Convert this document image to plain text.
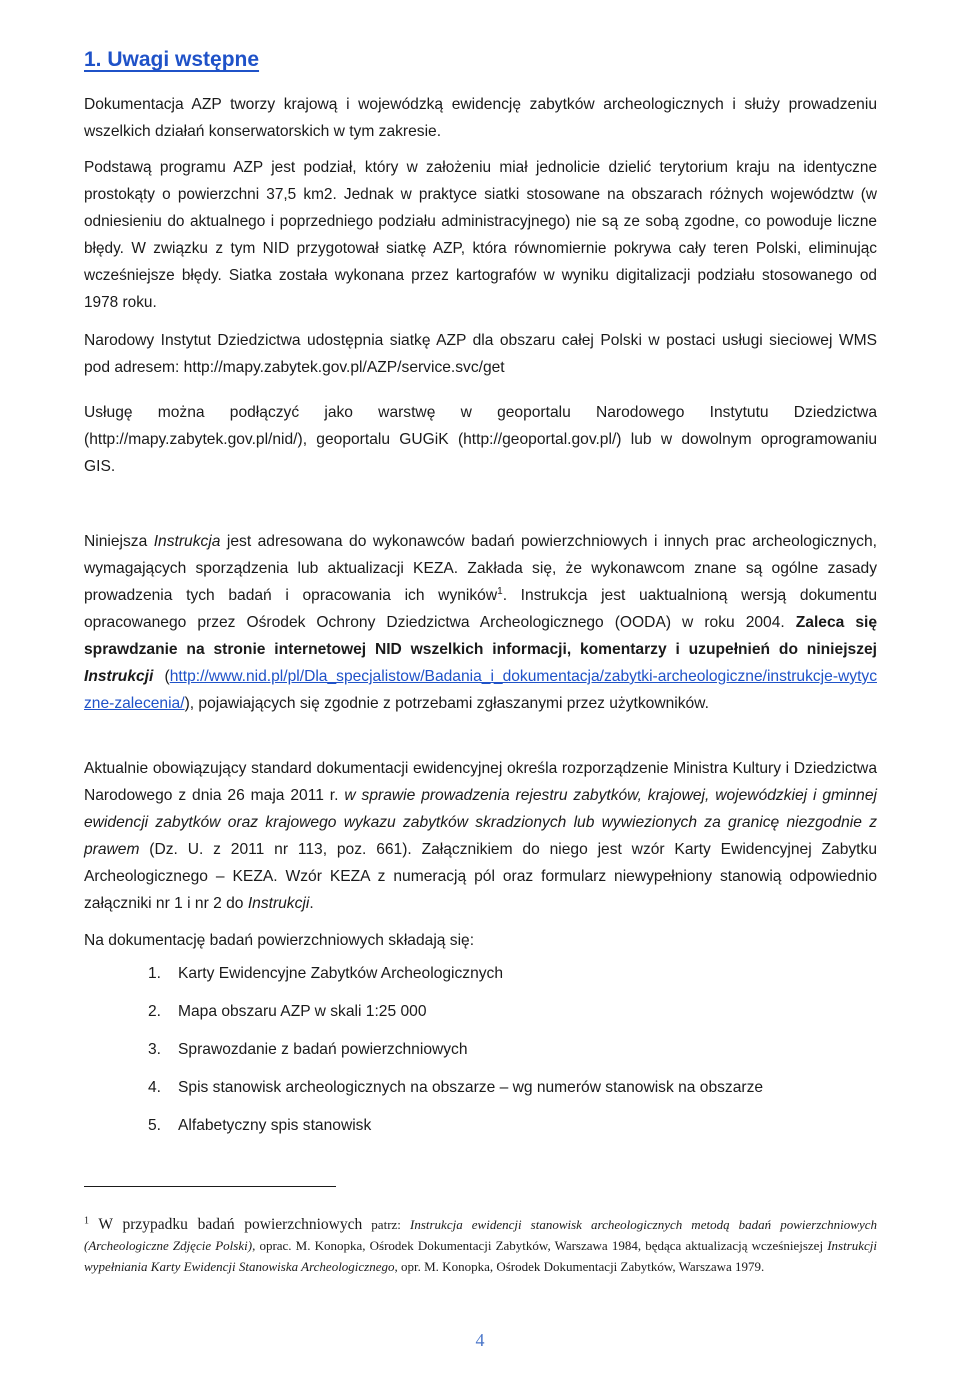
1. Uwagi wstępne

Dokumentacja AZP tworzy krajową i wojewódzką ewidencję zabytków archeologicznych i służy prowadzeniu wszelkich działań konserwatorskich w tym zakresie.

Podstawą programu AZP jest podział, który w założeniu miał jednolicie dzielić terytorium kraju na identyczne prostokąty o powierzchni 37,5 km2. Jednak w praktyce siatki stosowane na obszarach różnych województw (w odniesieniu do aktualnego i poprzedniego podziału administracyjnego) nie są ze sobą zgodne, co powoduje liczne błędy. W związku z tym NID przygotował siatkę AZP, która równomiernie pokrywa cały teren Polski, eliminując wcześniejsze błędy. Siatka została wykonana przez kartografów w wyniku digitalizacji podziału stosowanego od 1978 roku.

Narodowy Instytut Dziedzictwa udostępnia siatkę AZP dla obszaru całej Polski w postaci usługi sieciowej WMS pod adresem: http://mapy.zabytek.gov.pl/AZP/service.svc/get

Usługę można podłączyć jako warstwę w geoportalu Narodowego Instytutu Dziedzictwa (http://mapy.zabytek.gov.pl/nid/), geoportalu GUGiK (http://geoportal.gov.pl/) lub w dowolnym oprogramowaniu GIS.

Niniejsza Instrukcja jest adresowana do wykonawców badań powierzchniowych i innych prac archeologicznych, wymagających sporządzenia lub aktualizacji KEZA. Zakłada się, że wykonawcom znane są ogólne zasady prowadzenia tych badań i opracowania ich wyników$^1$. Instrukcja jest uaktualnioną wersją dokumentu opracowanego przez Ośrodek Ochrony Dziedzictwa Archeologicznego (OODA) w roku 2004. Zaleca się sprawdzanie na stronie internetowej NID wszelkich informacji, komentarzy i uzupełnień do niniejszej Instrukcji (http://www.nid.pl/pl/Dla_specjalistow/Badania_i_dokumentacja/zabytki-archeologiczne/instrukcje-wytyczne-zalecenia/), pojawiających się zgodnie z potrzebami zgłaszanymi przez użytkowników.

Aktualnie obowiązujący standard dokumentacji ewidencyjnej określa rozporządzenie Ministra Kultury i Dziedzictwa Narodowego z dnia 26 maja 2011 r. w sprawie prowadzenia rejestru zabytków, krajowej, wojewódzkiej i gminnej ewidencji zabytków oraz krajowego wykazu zabytków skradzionych lub wywiezionych za granicę niezgodnie z prawem (Dz. U. z 2011 nr 113, poz. 661). Załącznikiem do niego jest wzór Karty Ewidencyjnej Zabytku Archeologicznego – KEZA. Wzór KEZA z numeracją pól oraz formularz niewypełniony stanowią odpowiednio załączniki nr 1 i nr 2 do Instrukcji.

Na dokumentację badań powierzchniowych składają się:

1. Karty Ewidencyjne Zabytków Archeologicznych
2. Mapa obszaru AZP w skali 1:25 000
3. Sprawozdanie z badań powierzchniowych
4. Spis stanowisk archeologicznych na obszarze – wg numerów stanowisk na obszarze
5. Alfabetyczny spis stanowisk

$^1$ W przypadku badań powierzchniowych patrz: Instrukcja ewidencji stanowisk archeologicznych metodą badań powierzchniowych (Archeologiczne Zdjęcie Polski), oprac. M. Konopka, Ośrodek Dokumentacji Zabytków, Warszawa 1984, będąca aktualizacją wcześniejszej Instrukcji wypełniania Karty Ewidencji Stanowiska Archeologicznego, opr. M. Konopka, Ośrodek Dokumentacji Zabytków, Warszawa 1979.

4
